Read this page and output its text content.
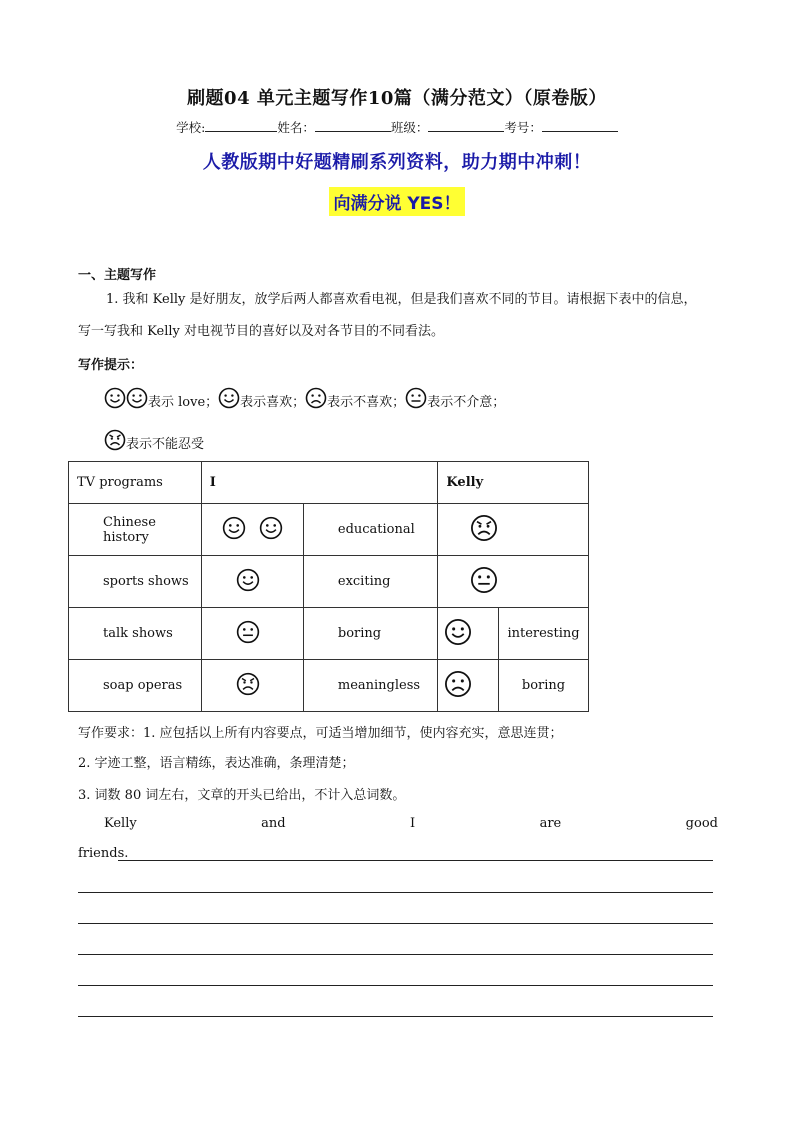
刷题04 单元主题写作10篇（满分范文）（原卷版）
学校:	姓名：	班级：	考号：
人教版期中好题精刷系列资料，助力期中冲刺！
向满分说 YES！
一、主题写作
1. 我和 Kelly 是好朋友，放学后两人都喜欢看电视，但是我们喜欢不同的节目。请根据下表中的信息，
写一写我和 Kelly 对电视节目的喜好以及对各节目的不同看法。
写作提示：
表示 love； 表示喜欢； 表示不喜欢； 表示不介意；
表示不能忍受
TV programs	I		Kelly	
Chinese history		educational	
sports shows		exciting	
talk shows		boring		interesting
soap operas		meaningless		boring
写作要求：1. 应包括以上所有内容要点，可适当增加细节，使内容充实，意思连贯；
2. 字迹工整，语言精练，表达准确，条理清楚；
3. 词数 80 词左右，文章的开头已给出，不计入总词数。
Kelly	and	I	are	good
friends.
